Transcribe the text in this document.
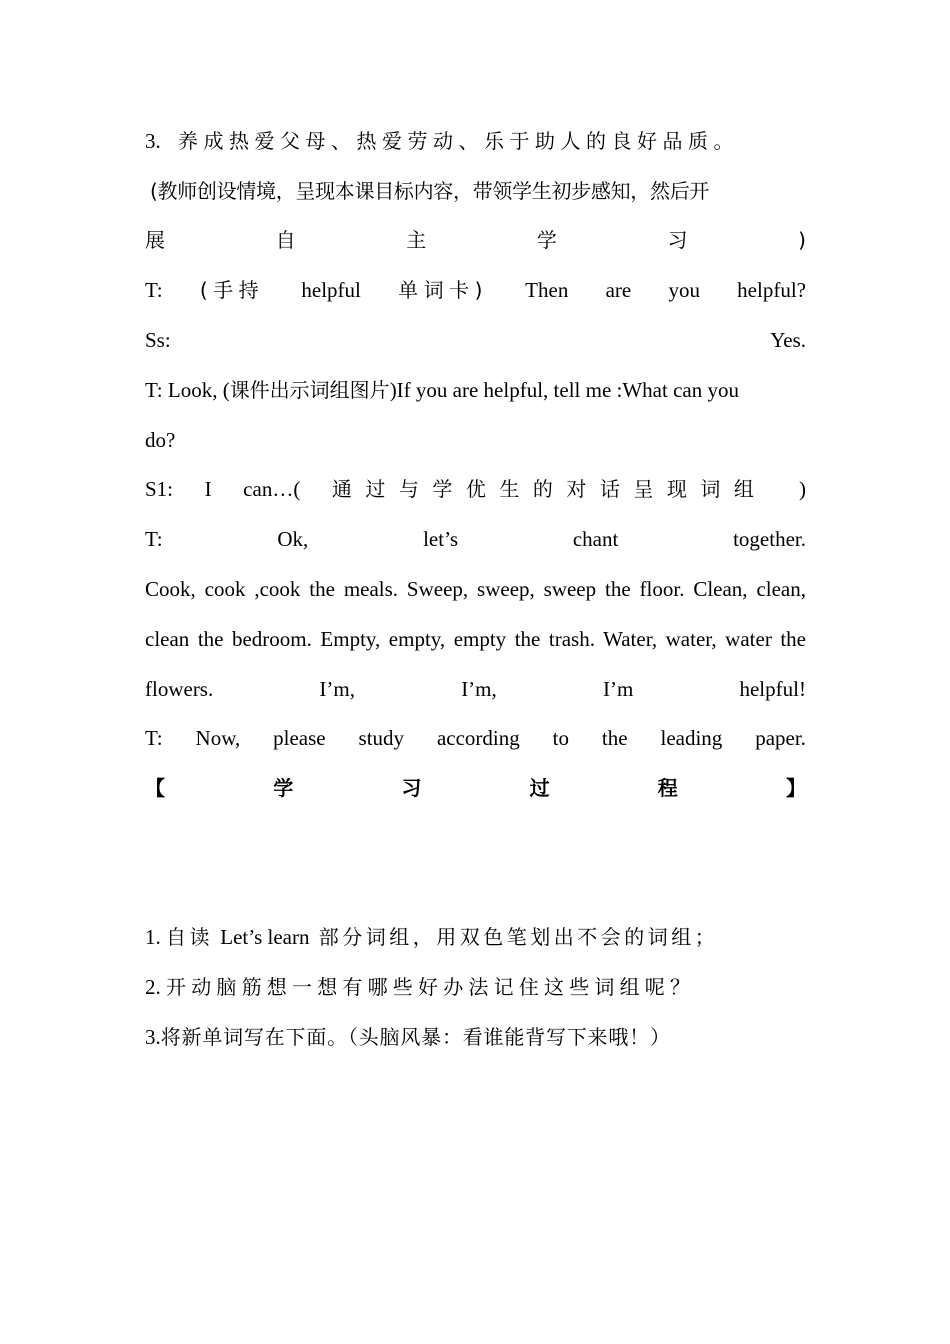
3. 养成热爱父母、热爱劳动、乐于助人的良好品质。
(教师创设情境，呈现本课目标内容，带领学生初步感知，然后开
展	自	主	学	习	)
T: (手持 helpful 单词卡) Then are you helpful?
Ss:	Yes.
T: Look, (课件出示词组图片)If you are helpful, tell me :What can you
do?
S1: I can…( 通过与学优生的对话呈现词组 )
T:	Ok,	let’s	chant	together.
Cook, cook ,cook the meals. Sweep, sweep, sweep the floor. Clean, clean,
clean the bedroom. Empty, empty, empty the trash. Water, water, water the
flowers.	I’m,	I’m,	I’m	helpful!
T: Now, please study according to the leading paper.
【	学	习	过	程	】
1. 自读 Let’s learn 部分词组，用双色笔划出不会的词组；
2. 开动脑筋想一想有哪些好办法记住这些词组呢？
3.将新单词写在下面。（头脑风暴：看谁能背写下来哦！）
